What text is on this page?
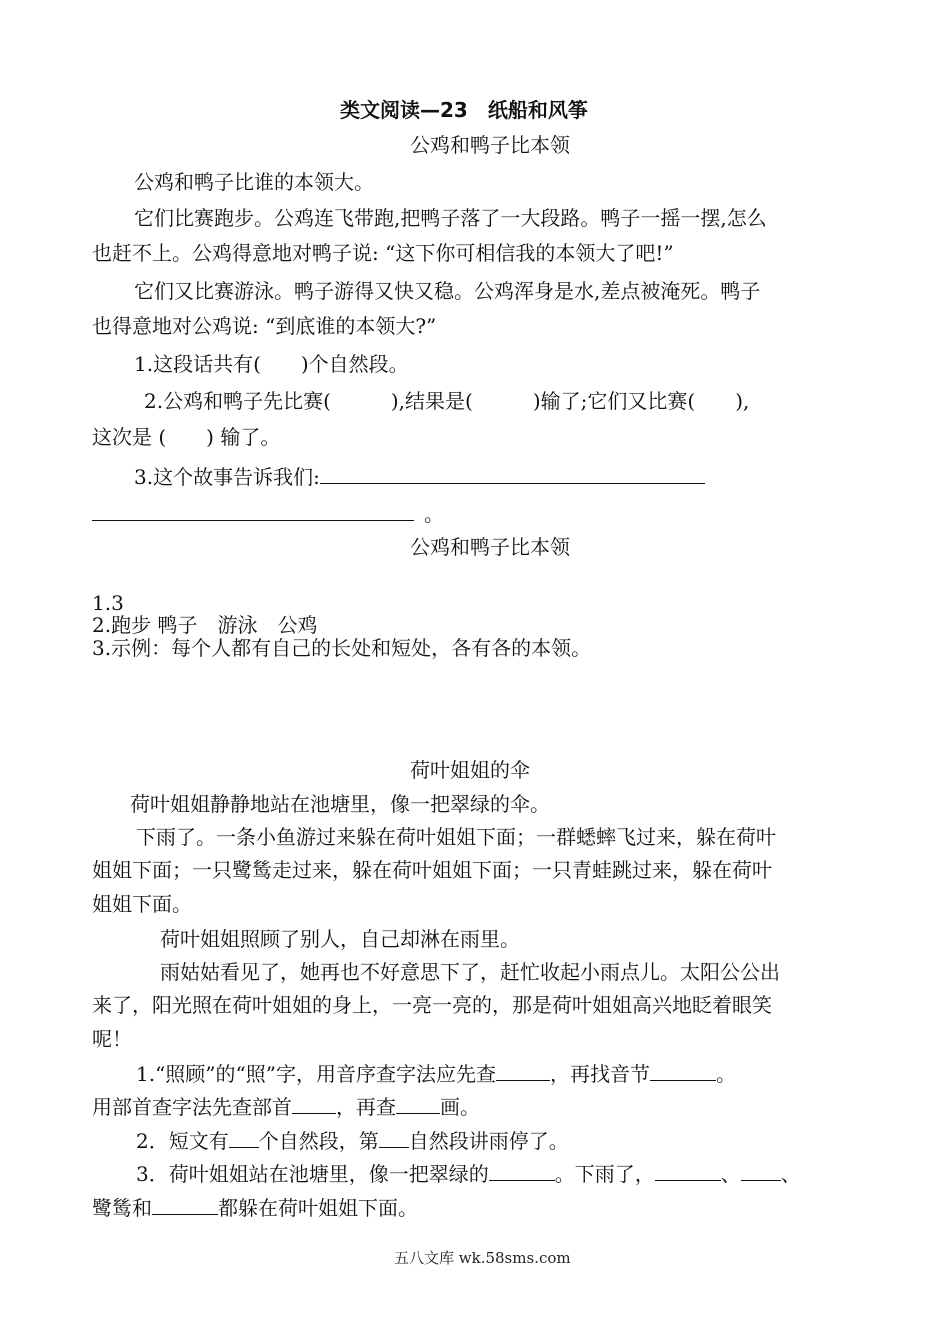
类文阅读—23　纸船和风筝
公鸡和鸭子比本领
公鸡和鸭子比谁的本领大。
它们比赛跑步。公鸡连飞带跑,把鸭子落了一大段路。鸭子一摇一摆,怎么
也赶不上。公鸡得意地对鸭子说: “这下你可相信我的本领大了吧!”
它们又比赛游泳。鸭子游得又快又稳。公鸡浑身是水,差点被淹死。鸭子
也得意地对公鸡说: “到底谁的本领大?”
1.这段话共有(　　)个自然段。
2.公鸡和鸭子先比赛(　　　),结果是(　　　)输了;它们又比赛(　　),
这次是 (　　) 输了。
3.这个故事告诉我们:
。
公鸡和鸭子比本领
1.3
2.跑步 鸭子　游泳　公鸡
3.示例：每个人都有自己的长处和短处，各有各的本领。
荷叶姐姐的伞
荷叶姐姐静静地站在池塘里，像一把翠绿的伞。
下雨了。一条小鱼游过来躲在荷叶姐姐下面；一群蟋蟀飞过来，躲在荷叶
姐姐下面；一只鹭鸶走过来，躲在荷叶姐姐下面；一只青蛙跳过来，躲在荷叶
姐姐下面。
荷叶姐姐照顾了别人，自己却淋在雨里。
雨姑姑看见了，她再也不好意思下了，赶忙收起小雨点儿。太阳公公出
来了，阳光照在荷叶姐姐的身上，一亮一亮的，那是荷叶姐姐高兴地眨着眼笑
呢！
1.“照顾”的“照”字，用音序查字法应先查	，再找音节	。
用部首查字法先查部首 ，再查 画。
2．短文有 个自然段，第 自然段讲雨停了。
3．荷叶姐姐站在池塘里，像一把翠绿的	。下雨了，	、 、
鹭鸶和	都躲在荷叶姐姐下面。
五八文库 wk.58sms.com
